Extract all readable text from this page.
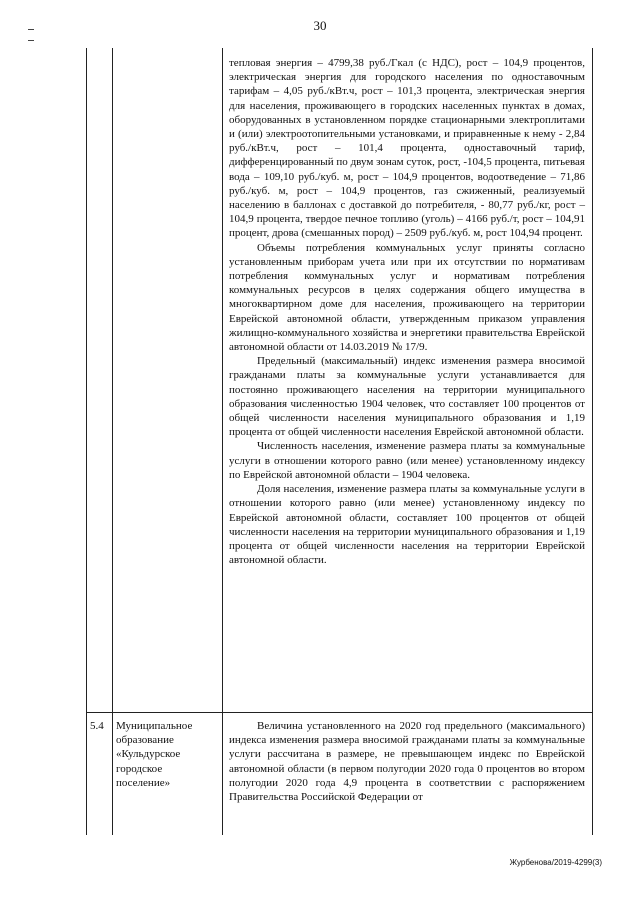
30

тепловая энергия – 4799,38 руб./Гкал (с НДС), рост – 104,9 процентов, электрическая энергия для городского населения по одноставочным тарифам – 4,05 руб./кВт.ч, рост – 101,3 процента, электрическая энергия для населения, проживающего в городских населенных пунктах в домах, оборудованных в установленном порядке стационарными электроплитами и (или) электроотопительными установками, и приравненные к нему - 2,84 руб./кВт.ч, рост – 101,4 процента, одноставочный тариф, дифференцированный по двум зонам суток, рост, -104,5 процента, питьевая вода – 109,10 руб./куб. м, рост – 104,9 процентов, водоотведение – 71,86 руб./куб. м, рост – 104,9 процентов, газ сжиженный, реализуемый населению в баллонах с доставкой до потребителя, - 80,77 руб./кг, рост – 104,9 процента, твердое печное топливо (уголь) – 4166 руб./т, рост – 104,91 процент, дрова (смешанных пород) – 2509 руб./куб. м, рост 104,94 процент.

Объемы потребления коммунальных услуг приняты согласно установленным приборам учета или при их отсутствии по нормативам потребления коммунальных услуг и нормативам потребления коммунальных ресурсов в целях содержания общего имущества в многоквартирном доме для населения, проживающего на территории Еврейской автономной области, утвержденным приказом управления жилищно-коммунального хозяйства и энергетики правительства Еврейской автономной области от 14.03.2019 № 17/9.

Предельный (максимальный) индекс изменения размера вносимой гражданами платы за коммунальные услуги устанавливается для постоянно проживающего населения на территории муниципального образования численностью 1904 человек, что составляет 100 процентов от общей численности населения муниципального образования и 1,19 процента от общей численности населения Еврейской автономной области.

Численность населения, изменение размера платы за коммунальные услуги в отношении которого равно (или менее) установленному индексу по Еврейской автономной области – 1904 человека.

Доля населения, изменение размера платы за коммунальные услуги в отношении которого равно (или менее) установленному индексу по Еврейской автономной области, составляет 100 процентов от общей численности населения на территории муниципального образования и 1,19 процента от общей численности населения на территории Еврейской автономной области.

5.4 Муниципальное образование «Кульдурское городское поселение»

Величина установленного на 2020 год предельного (максимального) индекса изменения размера вносимой гражданами платы за коммунальные услуги рассчитана в размере, не превышающем индекс по Еврейской автономной области (в первом полугодии 2020 года 0 процентов во втором полугодии 2020 года 4,9 процента в соответствии с распоряжением Правительства Российской Федерации от

Журбенова/2019-4299(3)
